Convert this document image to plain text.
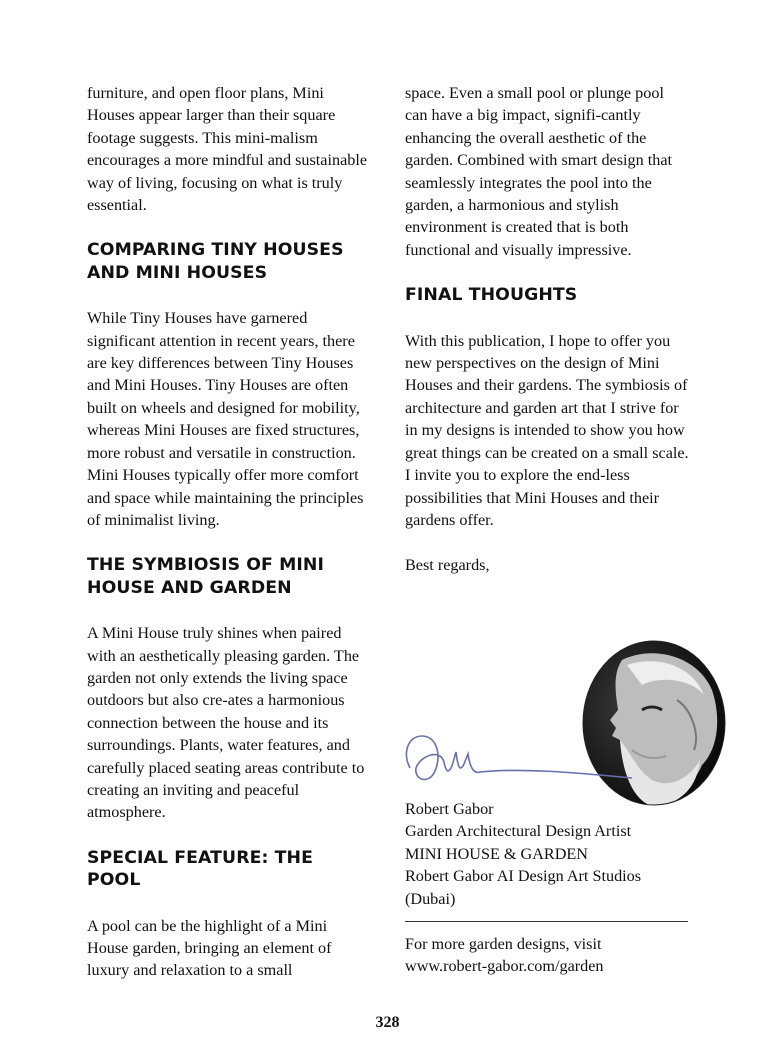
furniture, and open floor plans, Mini Houses appear larger than their square footage suggests. This mini-malism encourages a more mindful and sustainable way of living, focusing on what is truly essential.

COMPARING TINY HOUSES AND MINI HOUSES

While Tiny Houses have garnered significant attention in recent years, there are key differences between Tiny Houses and Mini Houses. Tiny Houses are often built on wheels and designed for mobility, whereas Mini Houses are fixed structures, more robust and versatile in construction. Mini Houses typically offer more comfort and space while maintaining the principles of minimalist living.

THE SYMBIOSIS OF MINI HOUSE AND GARDEN

A Mini House truly shines when paired with an aesthetically pleasing garden. The garden not only extends the living space outdoors but also cre-ates a harmonious connection between the house and its surroundings. Plants, water features, and carefully placed seating areas contribute to creating an inviting and peaceful atmosphere.

SPECIAL FEATURE: THE POOL

A pool can be the highlight of a Mini House garden, bringing an element of luxury and relaxation to a small

space. Even a small pool or plunge pool can have a big impact, signifi-cantly enhancing the overall aesthetic of the garden. Combined with smart design that seamlessly integrates the pool into the garden, a harmonious and stylish environment is created that is both functional and visually impressive.

FINAL THOUGHTS

With this publication, I hope to offer you new perspectives on the design of Mini Houses and their gardens. The symbiosis of architecture and garden art that I strive for in my designs is intended to show you how great things can be created on a small scale. I invite you to explore the end-less possibilities that Mini Houses and their gardens offer.

Best regards,

Robert Gabor

Garden Architectural Design Artist

MINI HOUSE & GARDEN

Robert Gabor AI Design Art Studios

(Dubai)

For more garden designs, visit

www.robert-gabor.com/garden

328
